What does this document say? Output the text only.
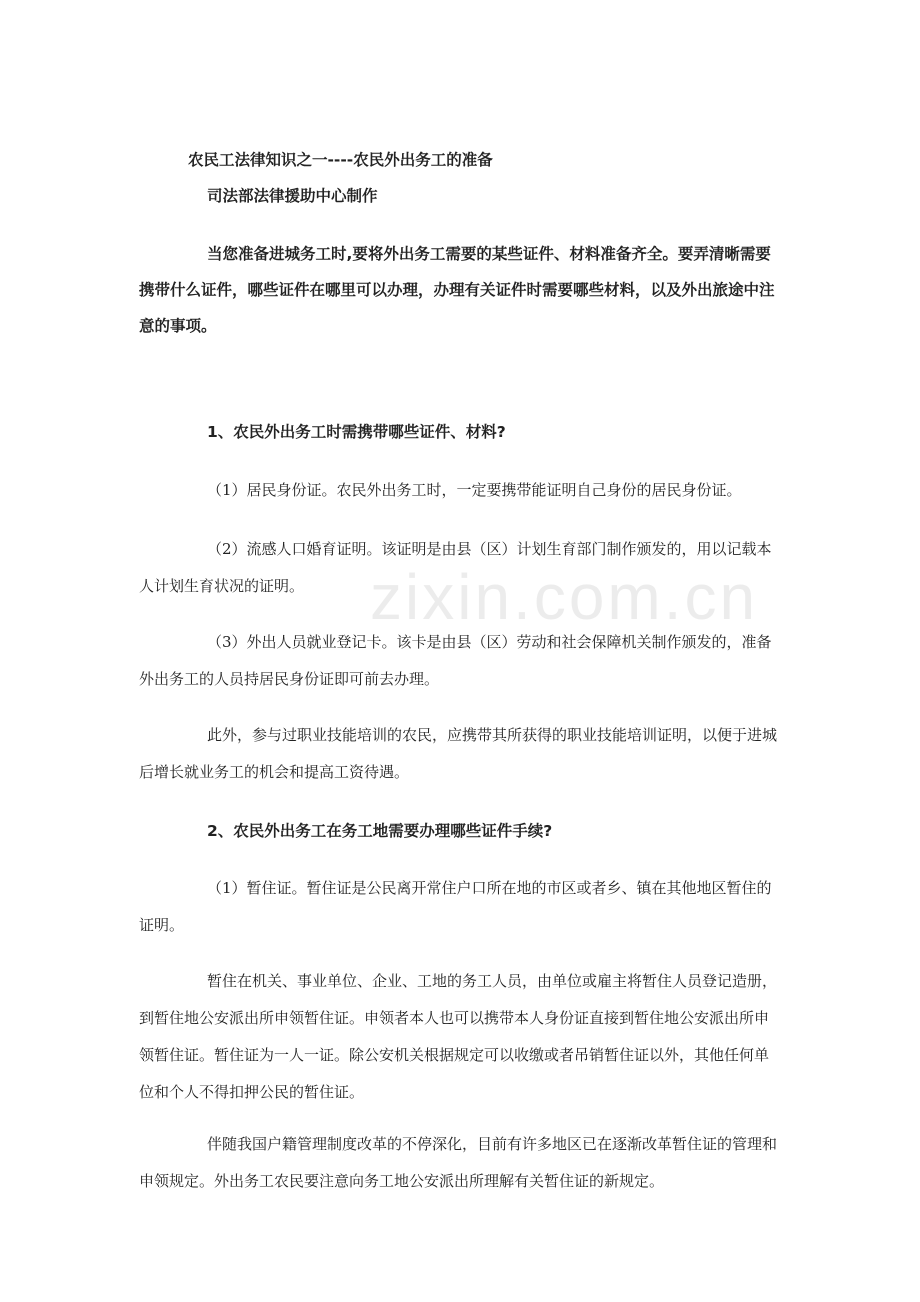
zixin.com.cn
农民工法律知识之一----农民外出务工的准备
司法部法律援助中心制作
当您准备进城务工时,要将外出务工需要的某些证件、材料准备齐全。要弄清晰需要携带什么证件，哪些证件在哪里可以办理，办理有关证件时需要哪些材料，以及外出旅途中注意的事项。
1、农民外出务工时需携带哪些证件、材料?
（1）居民身份证。农民外出务工时，一定要携带能证明自己身份的居民身份证。
（2）流感人口婚育证明。该证明是由县（区）计划生育部门制作颁发的，用以记载本人计划生育状况的证明。
（3）外出人员就业登记卡。该卡是由县（区）劳动和社会保障机关制作颁发的，准备外出务工的人员持居民身份证即可前去办理。
此外，参与过职业技能培训的农民，应携带其所获得的职业技能培训证明，以便于进城后增长就业务工的机会和提高工资待遇。
2、农民外出务工在务工地需要办理哪些证件手续?
（1）暂住证。暂住证是公民离开常住户口所在地的市区或者乡、镇在其他地区暂住的证明。
暂住在机关、事业单位、企业、工地的务工人员，由单位或雇主将暂住人员登记造册，到暂住地公安派出所申领暂住证。申领者本人也可以携带本人身份证直接到暂住地公安派出所申领暂住证。暂住证为一人一证。除公安机关根据规定可以收缴或者吊销暂住证以外，其他任何单位和个人不得扣押公民的暂住证。
伴随我国户籍管理制度改革的不停深化，目前有许多地区已在逐渐改革暂住证的管理和申领规定。外出务工农民要注意向务工地公安派出所理解有关暂住证的新规定。
